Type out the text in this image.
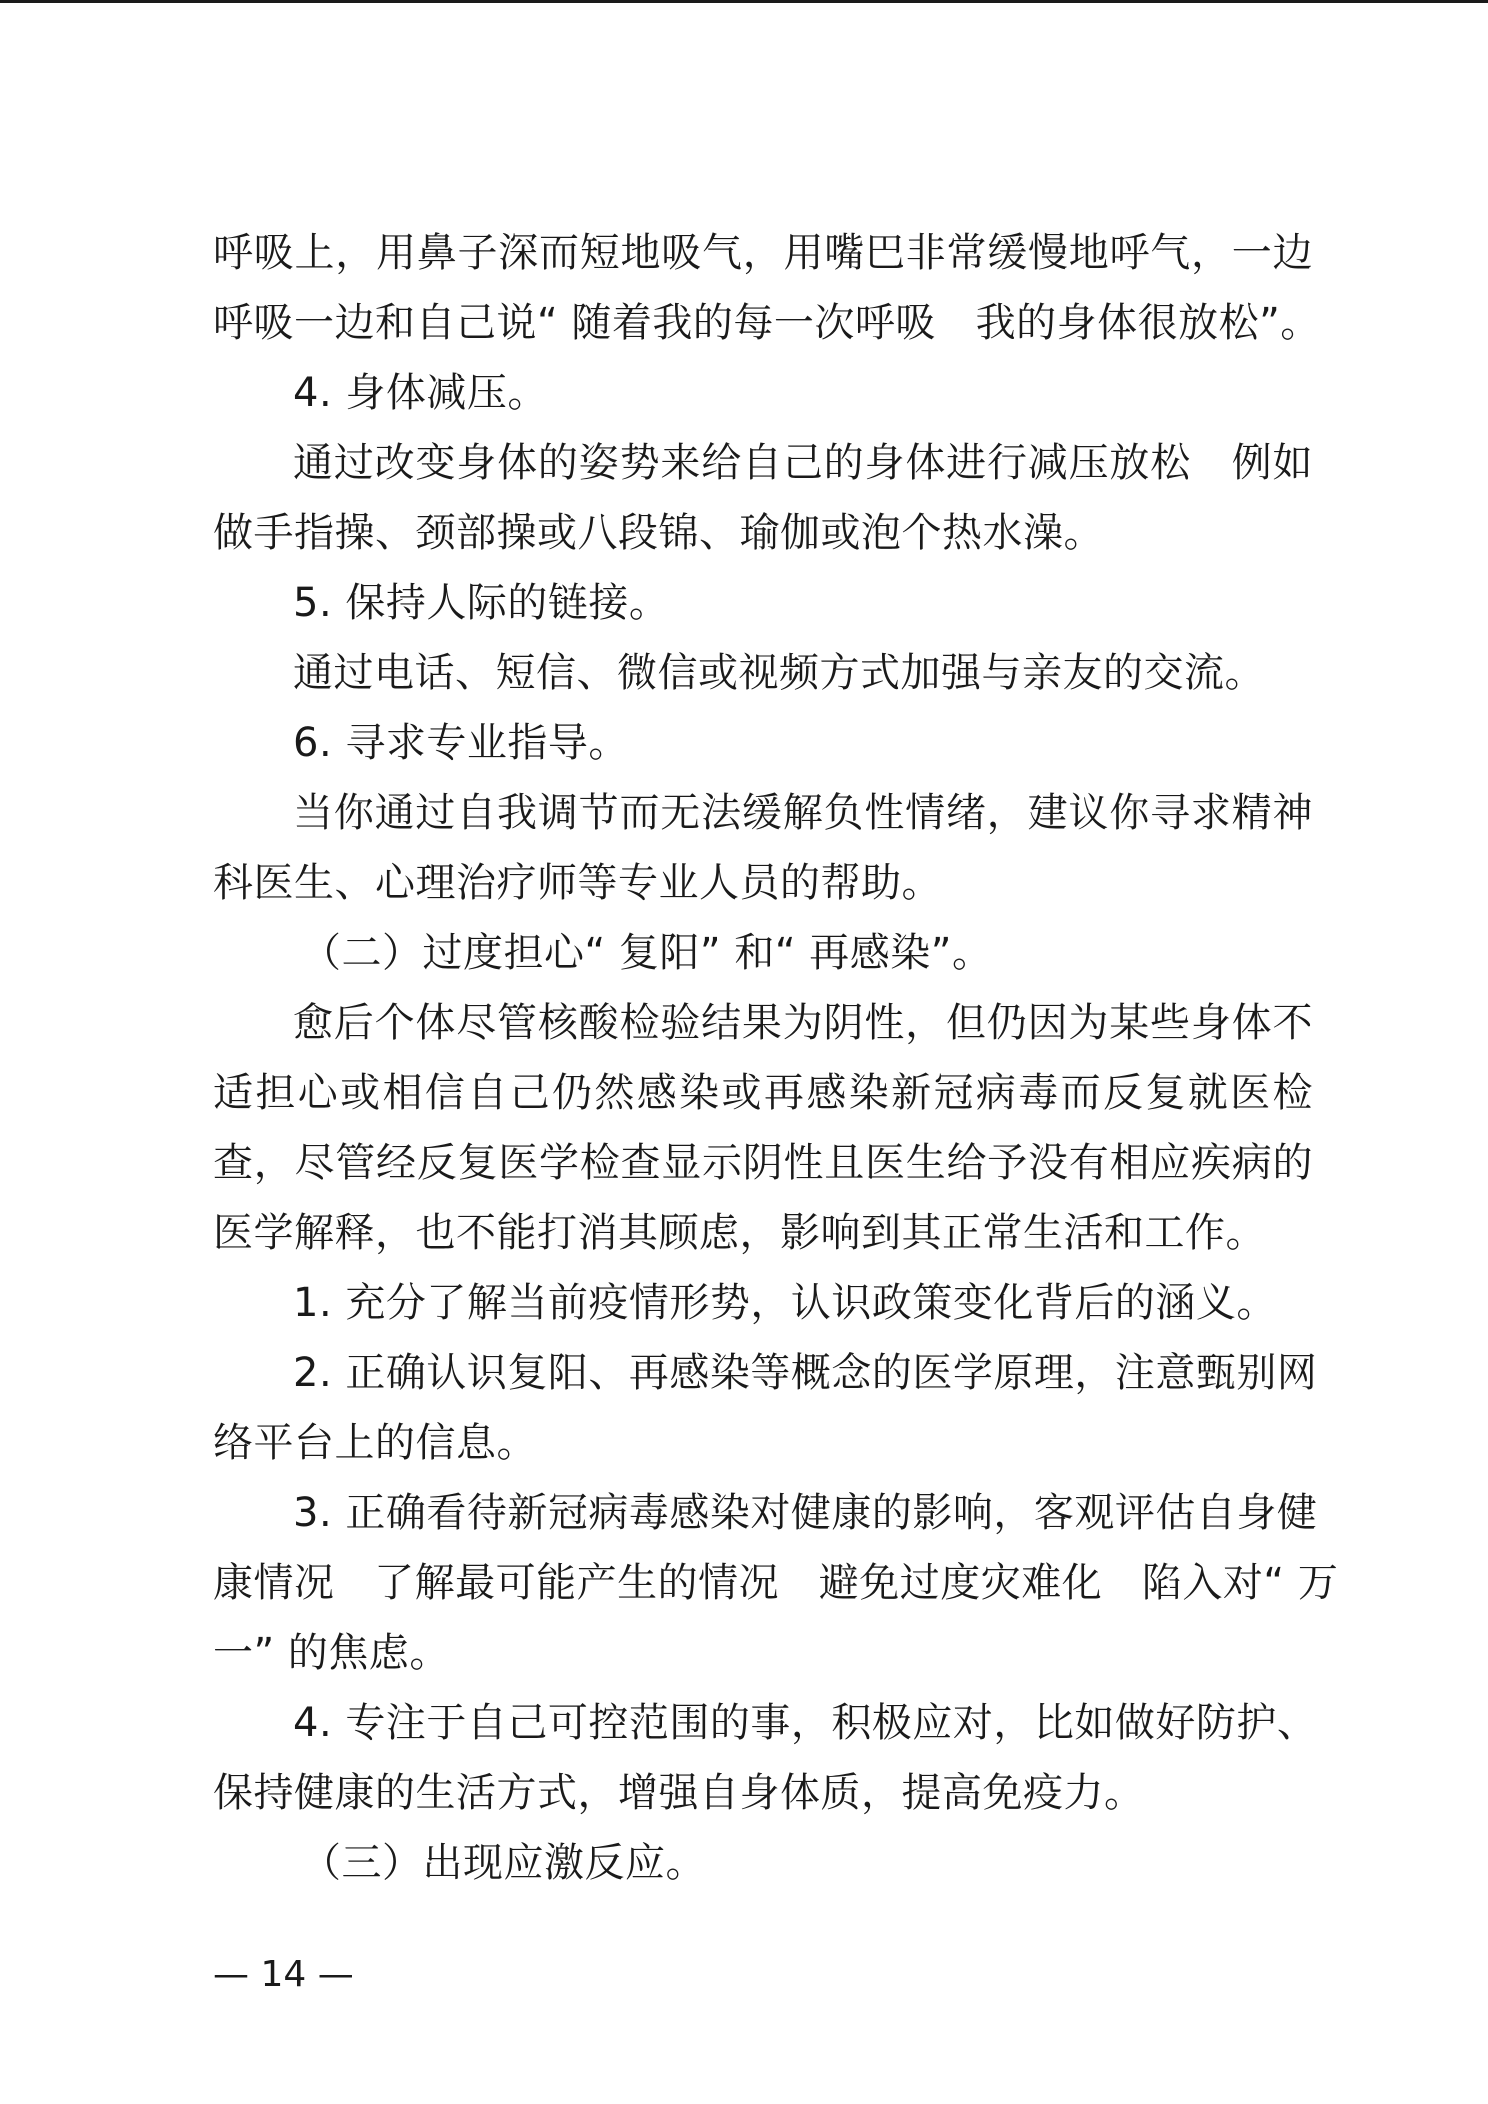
呼吸上，用鼻子深而短地吸气，用嘴巴非常缓慢地呼气，一边
呼吸一边和自己说“ 随着我的每一次呼吸   我的身体很放松”。
4. 身体减压。
通过改变身体的姿势来给自己的身体进行减压放松   例如
做手指操、颈部操或八段锦、瑜伽或泡个热水澡。
5. 保持人际的链接。
通过电话、短信、微信或视频方式加强与亲友的交流。
6. 寻求专业指导。
当你通过自我调节而无法缓解负性情绪，建议你寻求精神
科医生、心理治疗师等专业人员的帮助。
（二）过度担心“ 复阳” 和“ 再感染”。
愈后个体尽管核酸检验结果为阴性，但仍因为某些身体不
适担心或相信自己仍然感染或再感染新冠病毒而反复就医检
查，尽管经反复医学检查显示阴性且医生给予没有相应疾病的
医学解释，也不能打消其顾虑，影响到其正常生活和工作。
1. 充分了解当前疫情形势，认识政策变化背后的涵义。
2. 正确认识复阳、再感染等概念的医学原理，注意甄别网
络平台上的信息。
3. 正确看待新冠病毒感染对健康的影响，客观评估自身健
康情况   了解最可能产生的情况   避免过度灾难化   陷入对“ 万
一” 的焦虑。
4. 专注于自己可控范围的事，积极应对，比如做好防护、
保持健康的生活方式，增强自身体质，提高免疫力。
（三）出现应激反应。
— 14 —
